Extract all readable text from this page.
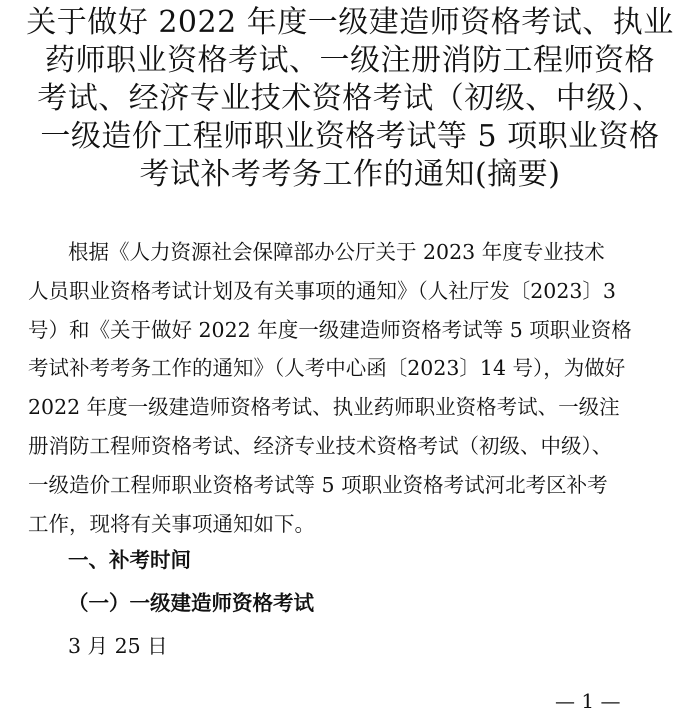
关于做好 2022 年度一级建造师资格考试、执业
药师职业资格考试、一级注册消防工程师资格
考试、经济专业技术资格考试（初级、中级）、
一级造价工程师职业资格考试等 5 项职业资格
考试补考考务工作的通知(摘要)
根据《人力资源社会保障部办公厅关于 2023 年度专业技术
人员职业资格考试计划及有关事项的通知》（人社厅发〔2023〕3
号）和《关于做好 2022 年度一级建造师资格考试等 5 项职业资格
考试补考考务工作的通知》（人考中心函〔2023〕14 号），为做好
2022 年度一级建造师资格考试、执业药师职业资格考试、一级注
册消防工程师资格考试、经济专业技术资格考试（初级、中级）、
一级造价工程师职业资格考试等 5 项职业资格考试河北考区补考
工作，现将有关事项通知如下。
一、补考时间
（一）一级建造师资格考试
3 月 25 日
— 1 —
